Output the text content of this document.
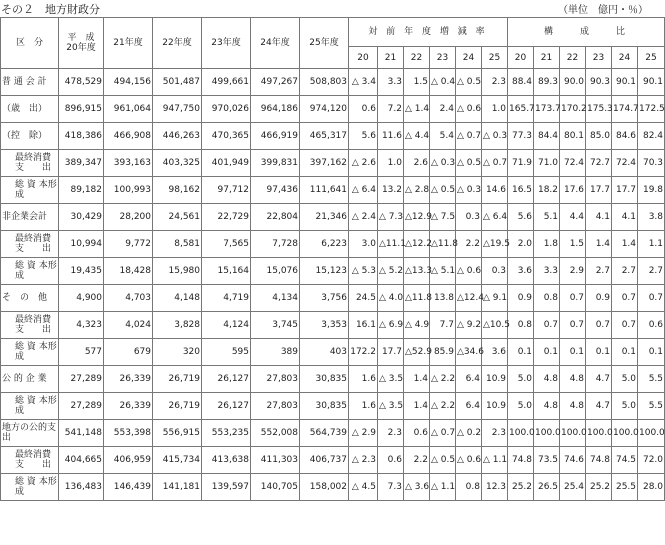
その２　地方財政分	（単位　億円・％）
区　分	平　成
20年度	21年度	22年度	23年度	24年度	25年度	対 前 年 度 増 減 率						構　　成　　比					
							20	21	22	23	24	25	20	21	22	23	24	25
普 通 会 計	478,529	494,156	501,487	499,661	497,267	508,803	△ 3.4	3.3	1.5	△ 0.4	△ 0.5	2.3	88.4	89.3	90.0	90.3	90.1	90.1
（歳　出）	896,915	961,064	947,750	970,026	964,186	974,120	0.6	7.2	△ 1.4	2.4	△ 0.6	1.0	165.7	173.7	170.2	175.3	174.7	172.5
（控　除）	418,386	466,908	446,263	470,365	466,919	465,317	5.6	11.6	△ 4.4	5.4	△ 0.7	△ 0.3	77.3	84.4	80.1	85.0	84.6	82.4
最終消費支　　出	389,347	393,163	403,325	401,949	399,831	397,162	△ 2.6	1.0	2.6	△ 0.3	△ 0.5	△ 0.7	71.9	71.0	72.4	72.7	72.4	70.3
総 資 本形　　成	89,182	100,993	98,162	97,712	97,436	111,641	△ 6.4	13.2	△ 2.8	△ 0.5	△ 0.3	14.6	16.5	18.2	17.6	17.7	17.7	19.8
非企業会計	30,429	28,200	24,561	22,729	22,804	21,346	△ 2.4	△ 7.3	△12.9	△ 7.5	0.3	△ 6.4	5.6	5.1	4.4	4.1	4.1	3.8
最終消費支　　出	10,994	9,772	8,581	7,565	7,728	6,223	3.0	△11.1	△12.2	△11.8	2.2	△19.5	2.0	1.8	1.5	1.4	1.4	1.1
総 資 本形　　成	19,435	18,428	15,980	15,164	15,076	15,123	△ 5.3	△ 5.2	△13.3	△ 5.1	△ 0.6	0.3	3.6	3.3	2.9	2.7	2.7	2.7
そ　の　他	4,900	4,703	4,148	4,719	4,134	3,756	24.5	△ 4.0	△11.8	13.8	△12.4	△ 9.1	0.9	0.8	0.7	0.9	0.7	0.7
最終消費支　　出	4,323	4,024	3,828	4,124	3,745	3,353	16.1	△ 6.9	△ 4.9	7.7	△ 9.2	△10.5	0.8	0.7	0.7	0.7	0.7	0.6
総 資 本形　　成	577	679	320	595	389	403	172.2	17.7	△52.9	85.9	△34.6	3.6	0.1	0.1	0.1	0.1	0.1	0.1
公 的 企 業	27,289	26,339	26,719	26,127	27,803	30,835	1.6	△ 3.5	1.4	△ 2.2	6.4	10.9	5.0	4.8	4.8	4.7	5.0	5.5
総 資 本形　　成	27,289	26,339	26,719	26,127	27,803	30,835	1.6	△ 3.5	1.4	△ 2.2	6.4	10.9	5.0	4.8	4.8	4.7	5.0	5.5
地方の公的支　　出	541,148	553,398	556,915	553,235	552,008	564,739	△ 2.9	2.3	0.6	△ 0.7	△ 0.2	2.3	100.0	100.0	100.0	100.0	100.0	100.0
最終消費支　　出	404,665	406,959	415,734	413,638	411,303	406,737	△ 2.3	0.6	2.2	△ 0.5	△ 0.6	△ 1.1	74.8	73.5	74.6	74.8	74.5	72.0
総 資 本形　　成	136,483	146,439	141,181	139,597	140,705	158,002	△ 4.5	7.3	△ 3.6	△ 1.1	0.8	12.3	25.2	26.5	25.4	25.2	25.5	28.0
